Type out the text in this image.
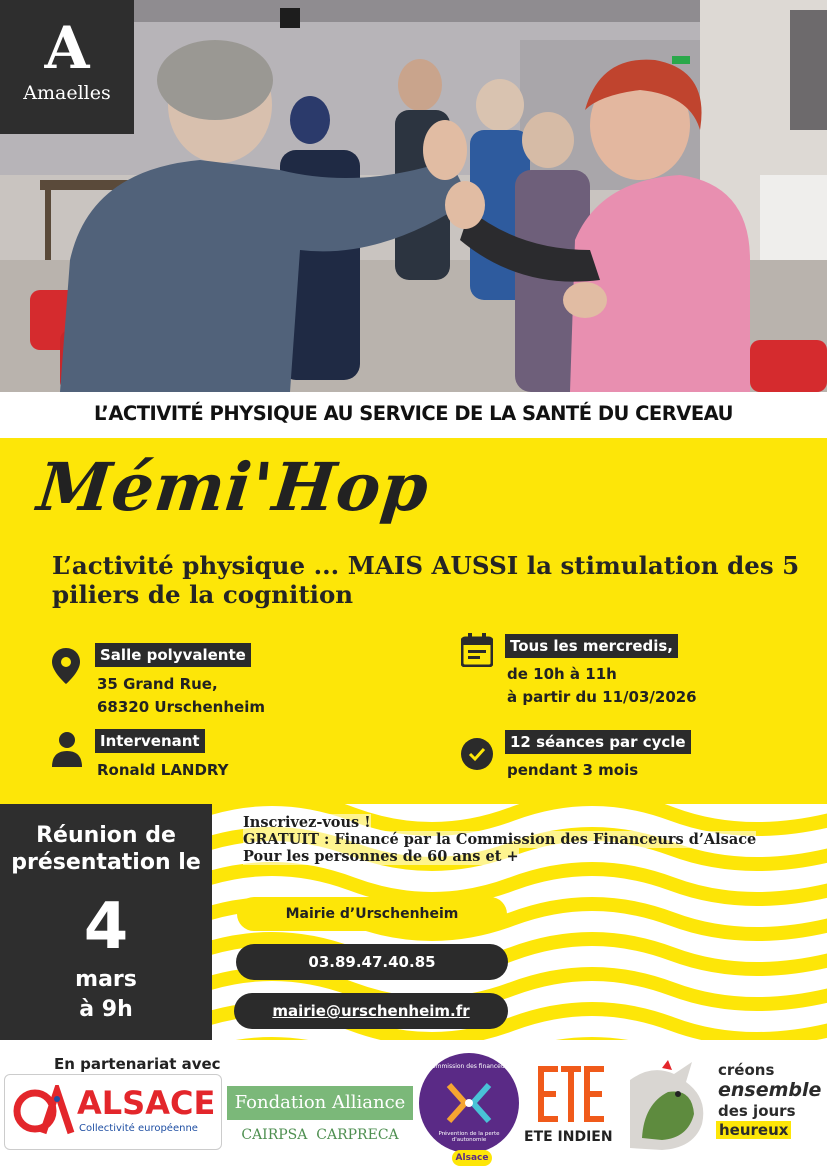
A
Amaelles
L’ACTIVITÉ PHYSIQUE AU SERVICE DE LA SANTÉ DU CERVEAU
Mémi'Hop
L’activité physique ... MAIS AUSSI la stimulation des 5 piliers de la cognition
Salle polyvalente
35 Grand Rue,
68320 Urschenheim
Intervenant
Ronald LANDRY
Tous les mercredis,
de 10h à 11h
à partir du 11/03/2026
12 séances par cycle
pendant 3 mois
Réunion de
présentation le
4
mars
à 9h
Inscrivez-vous !
GRATUIT : Financé par la Commission des Financeurs d’Alsace
Pour les personnes de 60 ans et +
Mairie d’Urschenheim
03.89.47.40.85
mairie@urschenheim.fr
En partenariat avec
ALSACE
Collectivité européenne
Fondation Alliance
CAIRPSA  CARPRECA
Commission des financeurs
Prévention de la perte d'autonomie
Alsace
ETE INDIEN
créons
ensemble
des jours
heureux
